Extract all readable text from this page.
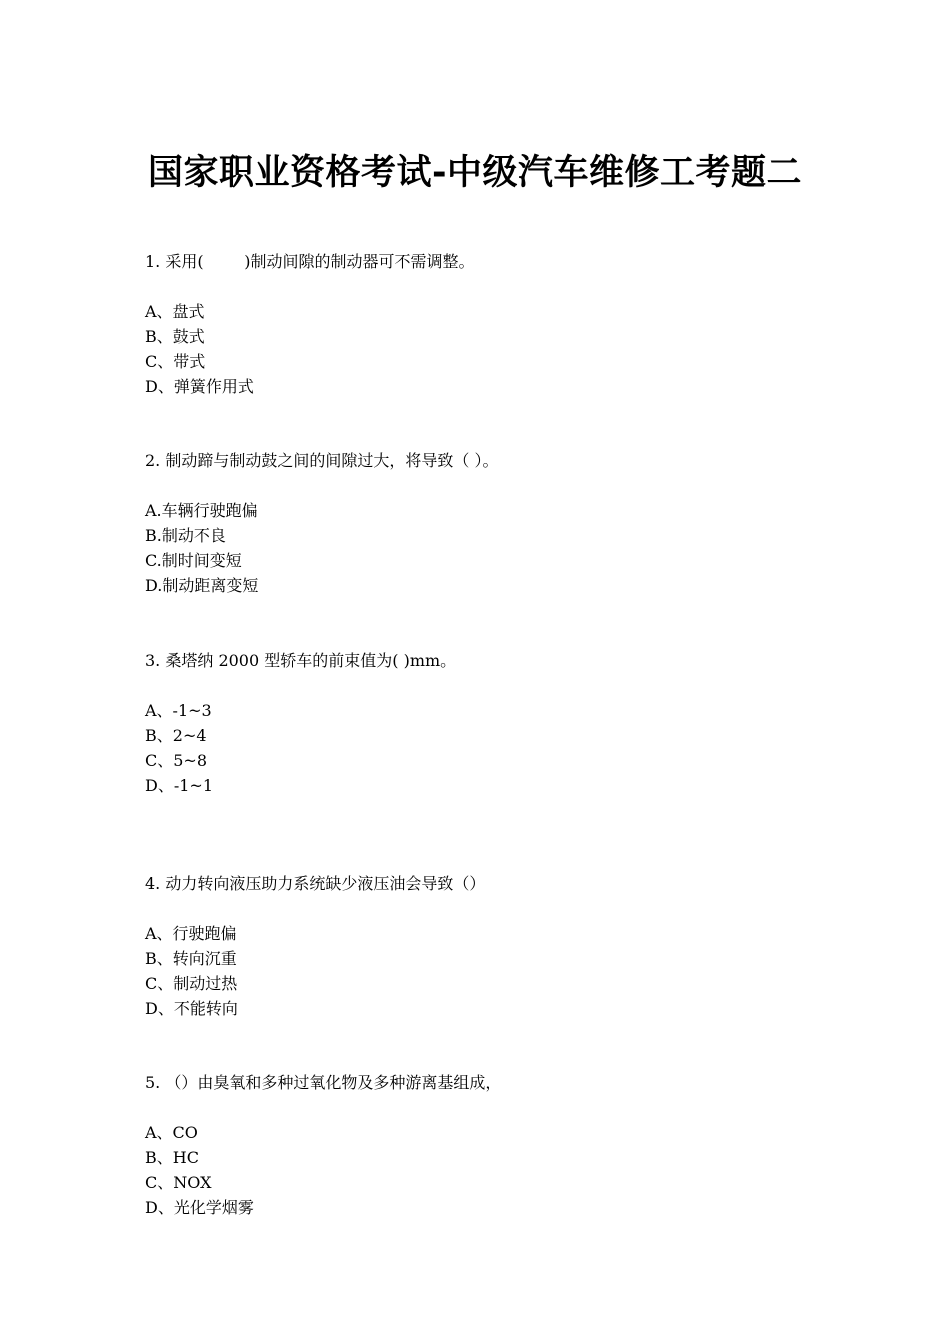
国家职业资格考试-中级汽车维修工考题二

1. 采用(        )制动间隙的制动器可不需调整。

A、盘式
B、鼓式
C、带式
D、弹簧作用式

2. 制动蹄与制动鼓之间的间隙过大，将导致（ ）。

A.车辆行驶跑偏
B.制动不良
C.制时间变短
D.制动距离变短

3. 桑塔纳 2000 型轿车的前束值为( )mm。

A、-1~3
B、2~4
C、5~8
D、-1~1

4. 动力转向液压助力系统缺少液压油会导致（）

A、行驶跑偏
B、转向沉重
C、制动过热
D、不能转向

5. （）由臭氧和多种过氧化物及多种游离基组成，

A、CO
B、HC
C、NOX
D、光化学烟雾
